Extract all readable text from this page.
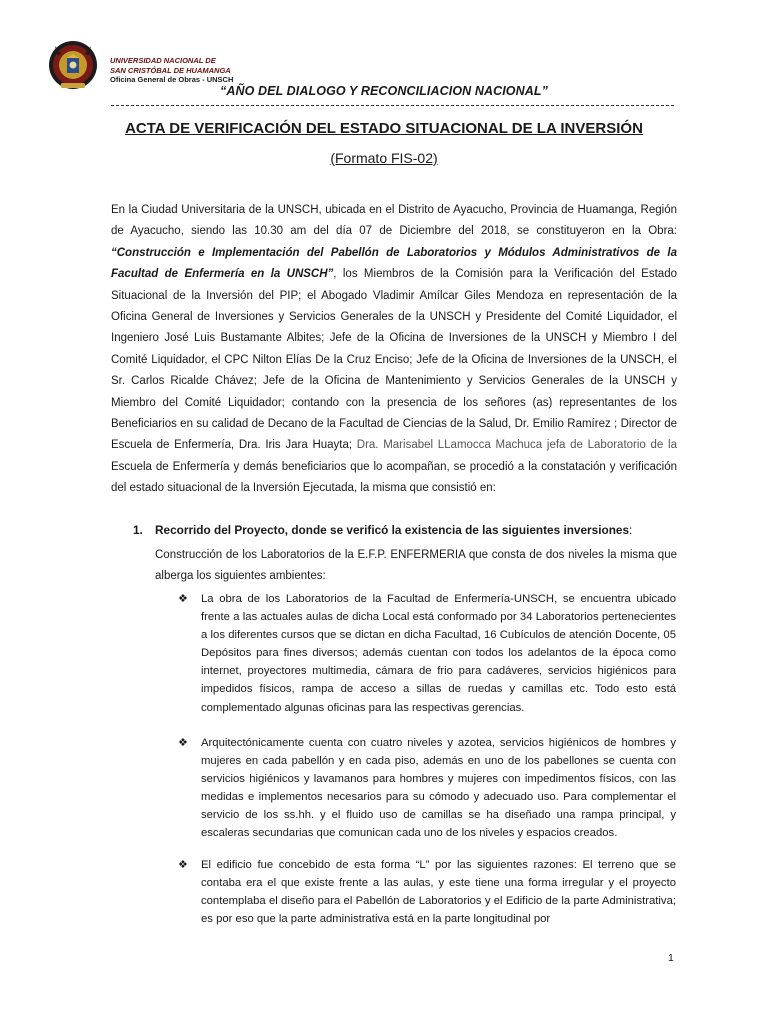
UNIVERSIDAD NACIONAL DE
SAN CRISTÓBAL DE HUAMANGA
Oficina General de Obras - UNSCH
“AÑO DEL DIALOGO Y RECONCILIACION NACIONAL”
ACTA DE VERIFICACIÓN DEL ESTADO SITUACIONAL DE LA INVERSIÓN
(Formato FIS-02)
En la Ciudad Universitaria de la UNSCH, ubicada en el Distrito de Ayacucho, Provincia de Huamanga, Región de Ayacucho, siendo las 10.30 am del día 07 de Diciembre del 2018, se constituyeron en la Obra: “Construcción e Implementación del Pabellón de Laboratorios y Módulos Administrativos de la Facultad de Enfermería en la UNSCH”, los Miembros de la Comisión para la Verificación del Estado Situacional de la Inversión del PIP; el Abogado Vladimir Amílcar Giles Mendoza en representación de la Oficina General de Inversiones y Servicios Generales de la UNSCH y Presidente del Comité Liquidador, el Ingeniero José Luis Bustamante Albites; Jefe de la Oficina de Inversiones de la UNSCH y Miembro I del Comité Liquidador, el CPC Nilton Elías De la Cruz Enciso; Jefe de la Oficina de Inversiones de la UNSCH, el Sr. Carlos Ricalde Chávez; Jefe de la Oficina de Mantenimiento y Servicios Generales de la UNSCH y Miembro del Comité Liquidador; contando con la presencia de los señores (as) representantes de los Beneficiarios en su calidad de Decano de la Facultad de Ciencias de la Salud, Dr. Emilio Ramírez ; Director de Escuela de Enfermería, Dra. Iris Jara Huayta; Dra. Marisabel LLamocca Machuca jefa de Laboratorio de la Escuela de Enfermería y demás beneficiarios que lo acompañan, se procedió a la constatación y verificación del estado situacional de la Inversión Ejecutada, la misma que consistió en:
1. Recorrido del Proyecto, donde se verificó la existencia de las siguientes inversiones:
Construcción de los Laboratorios de la E.F.P. ENFERMERIA que consta de dos niveles la misma que alberga los siguientes ambientes:
❖ La obra de los Laboratorios de la Facultad de Enfermería-UNSCH, se encuentra ubicado frente a las actuales aulas de dicha Local está conformado por 34 Laboratorios pertenecientes a los diferentes cursos que se dictan en dicha Facultad, 16 Cubículos de atención Docente, 05 Depósitos para fines diversos; además cuentan con todos los adelantos de la época como internet, proyectores multimedia, cámara de frio para cadáveres, servicios higiénicos para impedidos físicos, rampa de acceso a sillas de ruedas y camillas etc. Todo esto está complementado algunas oficinas para las respectivas gerencias.
❖ Arquitectónicamente cuenta con cuatro niveles y azotea, servicios higiénicos de hombres y mujeres en cada pabellón y en cada piso, además en uno de los pabellones se cuenta con servicios higiénicos y lavamanos para hombres y mujeres con impedimentos físicos, con las medidas e implementos necesarios para su cómodo y adecuado uso. Para complementar el servicio de los ss.hh. y el fluido uso de camillas se ha diseñado una rampa principal, y escaleras secundarias que comunican cada uno de los niveles y espacios creados.
❖ El edificio fue concebido de esta forma “L” por las siguientes razones: El terreno que se contaba era el que existe frente a las aulas, y este tiene una forma irregular y el proyecto contemplaba el diseño para el Pabellón de Laboratorios y el Edificio de la parte Administrativa; es por eso que la parte administrativa está en la parte longitudinal por
1
